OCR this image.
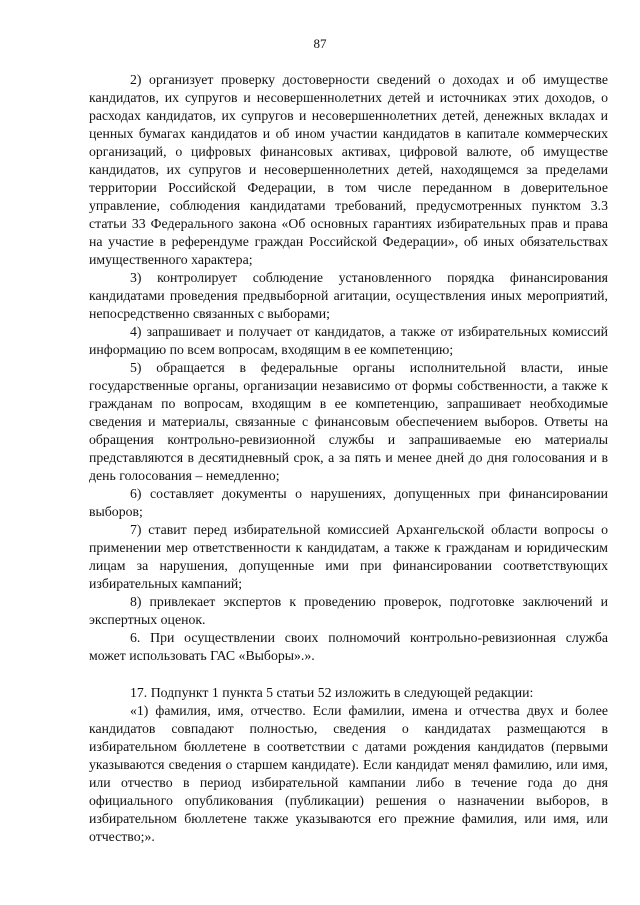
87

2) организует проверку достоверности сведений о доходах и об имуществе кандидатов, их супругов и несовершеннолетних детей и источниках этих доходов, о расходах кандидатов, их супругов и несовершеннолетних детей, денежных вкладах и ценных бумагах кандидатов и об ином участии кандидатов в капитале коммерческих организаций, о цифровых финансовых активах, цифровой валюте, об имуществе кандидатов, их супругов и несовершеннолетних детей, находящемся за пределами территории Российской Федерации, в том числе переданном в доверительное управление, соблюдения кандидатами требований, предусмотренных пунктом 3.3 статьи 33 Федерального закона «Об основных гарантиях избирательных прав и права на участие в референдуме граждан Российской Федерации», об иных обязательствах имущественного характера;

3) контролирует соблюдение установленного порядка финансирования кандидатами проведения предвыборной агитации, осуществления иных мероприятий, непосредственно связанных с выборами;

4) запрашивает и получает от кандидатов, а также от избирательных комиссий информацию по всем вопросам, входящим в ее компетенцию;

5) обращается в федеральные органы исполнительной власти, иные государственные органы, организации независимо от формы собственности, а также к гражданам по вопросам, входящим в ее компетенцию, запрашивает необходимые сведения и материалы, связанные с финансовым обеспечением выборов. Ответы на обращения контрольно-ревизионной службы и запрашиваемые ею материалы представляются в десятидневный срок, а за пять и менее дней до дня голосования и в день голосования – немедленно;

6) составляет документы о нарушениях, допущенных при финансировании выборов;

7) ставит перед избирательной комиссией Архангельской области вопросы о применении мер ответственности к кандидатам, а также к гражданам и юридическим лицам за нарушения, допущенные ими при финансировании соответствующих избирательных кампаний;

8) привлекает экспертов к проведению проверок, подготовке заключений и экспертных оценок.

6. При осуществлении своих полномочий контрольно-ревизионная служба может использовать ГАС «Выборы».».

17. Подпункт 1 пункта 5 статьи 52 изложить в следующей редакции:

«1) фамилия, имя, отчество. Если фамилии, имена и отчества двух и более кандидатов совпадают полностью, сведения о кандидатах размещаются в избирательном бюллетене в соответствии с датами рождения кандидатов (первыми указываются сведения о старшем кандидате). Если кандидат менял фамилию, или имя, или отчество в период избирательной кампании либо в течение года до дня официального опубликования (публикации) решения о назначении выборов, в избирательном бюллетене также указываются его прежние фамилия, или имя, или отчество;».
